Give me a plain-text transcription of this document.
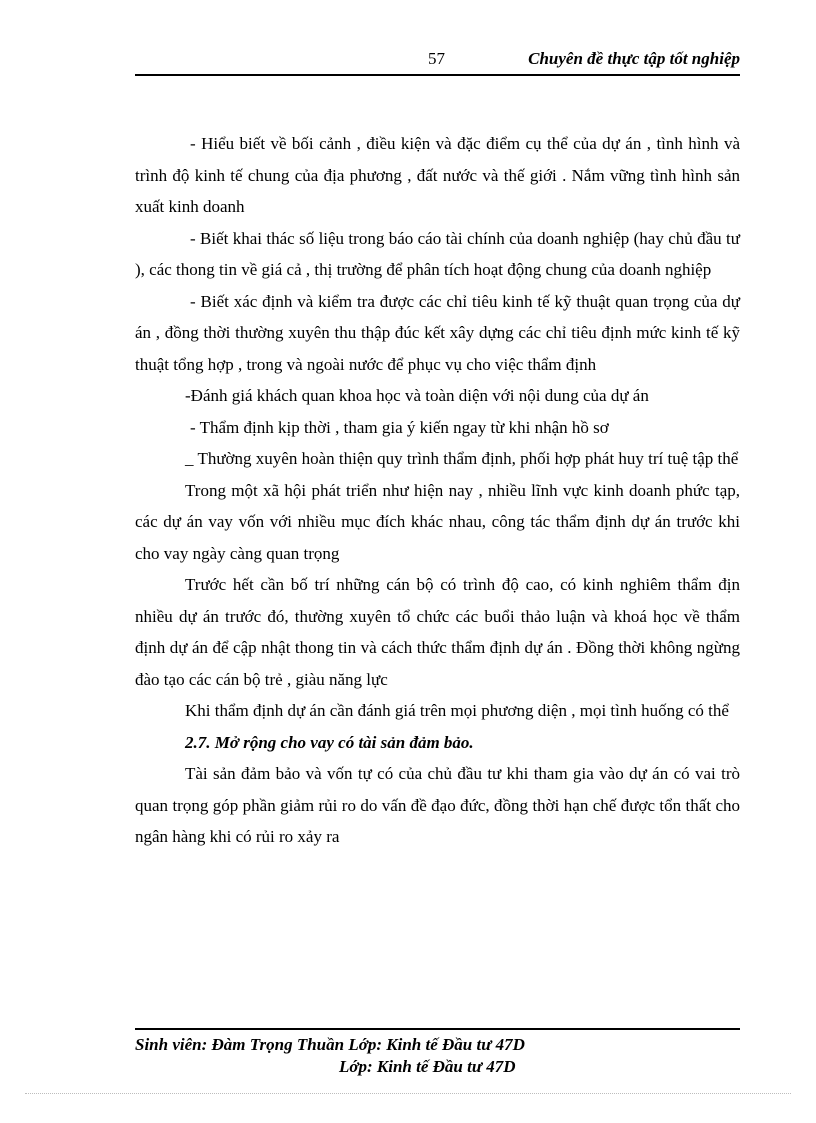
57	Chuyên đề thực tập tốt nghiệp

- Hiểu biết về bối cảnh , điều kiện và đặc điểm cụ thể của dự án , tình hình và trình độ kinh tế chung của địa phương , đất nước và thế giới . Nắm vững tình hình sản xuất kinh doanh

- Biết khai thác số liệu trong báo cáo tài chính của doanh nghiệp (hay chủ đầu tư ), các thong tin về giá cả , thị trường để phân tích hoạt động chung của doanh nghiệp

- Biết xác định và kiểm tra được các chỉ tiêu kinh tế kỹ thuật quan trọng của dự án , đồng thời thường xuyên thu thập đúc kết xây dựng các chỉ tiêu định mức kinh tế kỹ thuật tổng hợp , trong và ngoài nước để phục vụ cho việc thẩm định

-Đánh giá khách quan khoa học và toàn diện với nội dung của dự án

- Thẩm định kịp thời , tham gia ý kiến ngay từ khi nhận hồ sơ

_ Thường xuyên hoàn thiện quy trình thẩm định, phối hợp phát huy trí tuệ tập thể

Trong một xã hội phát triển như hiện nay , nhiều lĩnh vực kinh doanh phức tạp, các dự án vay vốn với nhiều mục đích khác nhau, công tác thẩm định dự án trước khi cho vay ngày càng quan trọng

Trước hết cần bố trí những cán bộ có trình độ cao, có kinh nghiêm thẩm địn nhiều dự án trước đó, thường xuyên tổ chức các buổi thảo luận và khoá học về thẩm định dự án để cập nhật thong tin và cách thức thẩm định dự án . Đồng thời không ngừng đào tạo các cán bộ trẻ , giàu năng lực

Khi thẩm định dự án cần đánh giá trên mọi phương diện , mọi tình huống có thể

2.7. Mở rộng cho vay có tài sản đảm bảo.

Tài sản đảm bảo và vốn tự có của chủ đầu tư khi tham gia vào dự án có vai trò quan trọng góp phần giảm rủi ro do vấn đề đạo đức, đồng thời hạn chế được tổn thất cho ngân hàng khi có rủi ro xảy ra

Sinh viên: Đàm Trọng Thuần Lớp: Kinh tế Đầu tư 47D
Lớp: Kinh tế Đầu tư 47D
